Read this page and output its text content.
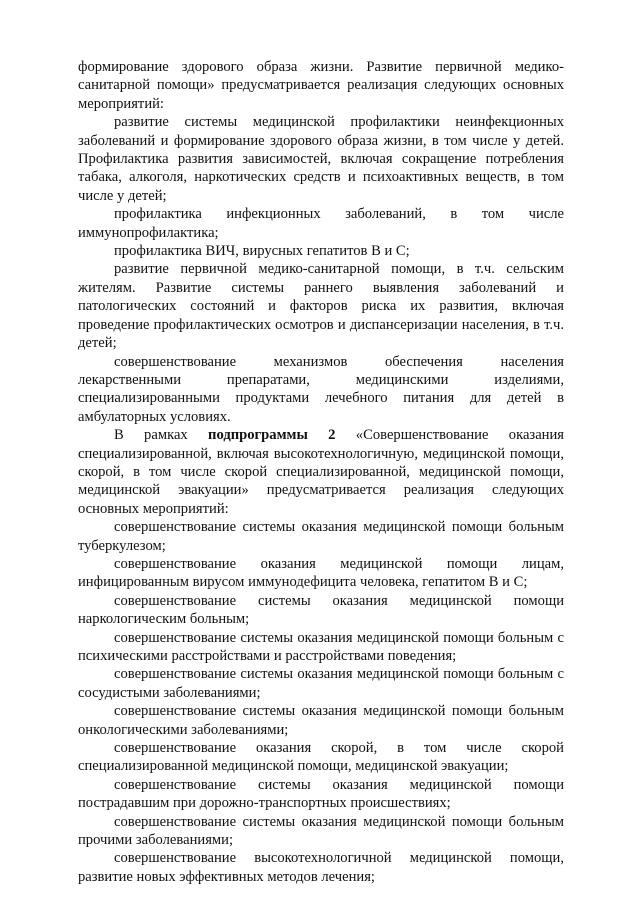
формирование здорового образа жизни. Развитие первичной медико-санитарной помощи» предусматривается реализация следующих основных мероприятий:

развитие системы медицинской профилактики неинфекционных заболеваний и формирование здорового образа жизни, в том числе у детей. Профилактика развития зависимостей, включая сокращение потребления табака, алкоголя, наркотических средств и психоактивных веществ, в том числе у детей;

профилактика инфекционных заболеваний, в том числе иммунопрофилактика;

профилактика ВИЧ, вирусных гепатитов B и C;

развитие первичной медико-санитарной помощи, в т.ч. сельским жителям. Развитие системы раннего выявления заболеваний и патологических состояний и факторов риска их развития, включая проведение профилактических осмотров и диспансеризации населения, в т.ч. детей;

совершенствование механизмов обеспечения населения лекарственными препаратами, медицинскими изделиями, специализированными продуктами лечебного питания для детей в амбулаторных условиях.

В рамках подпрограммы 2 «Совершенствование оказания специализированной, включая высокотехнологичную, медицинской помощи, скорой, в том числе скорой специализированной, медицинской помощи, медицинской эвакуации» предусматривается реализация следующих основных мероприятий:

совершенствование системы оказания медицинской помощи больным туберкулезом;

совершенствование оказания медицинской помощи лицам, инфицированным вирусом иммунодефицита человека, гепатитом B и C;

совершенствование системы оказания медицинской помощи наркологическим больным;

совершенствование системы оказания медицинской помощи больным с психическими расстройствами и расстройствами поведения;

совершенствование системы оказания медицинской помощи больным с сосудистыми заболеваниями;

совершенствование системы оказания медицинской помощи больным онкологическими заболеваниями;

совершенствование оказания скорой, в том числе скорой специализированной медицинской помощи, медицинской эвакуации;

совершенствование системы оказания медицинской помощи пострадавшим при дорожно-транспортных происшествиях;

совершенствование системы оказания медицинской помощи больным прочими заболеваниями;

совершенствование высокотехнологичной медицинской помощи, развитие новых эффективных методов лечения;
